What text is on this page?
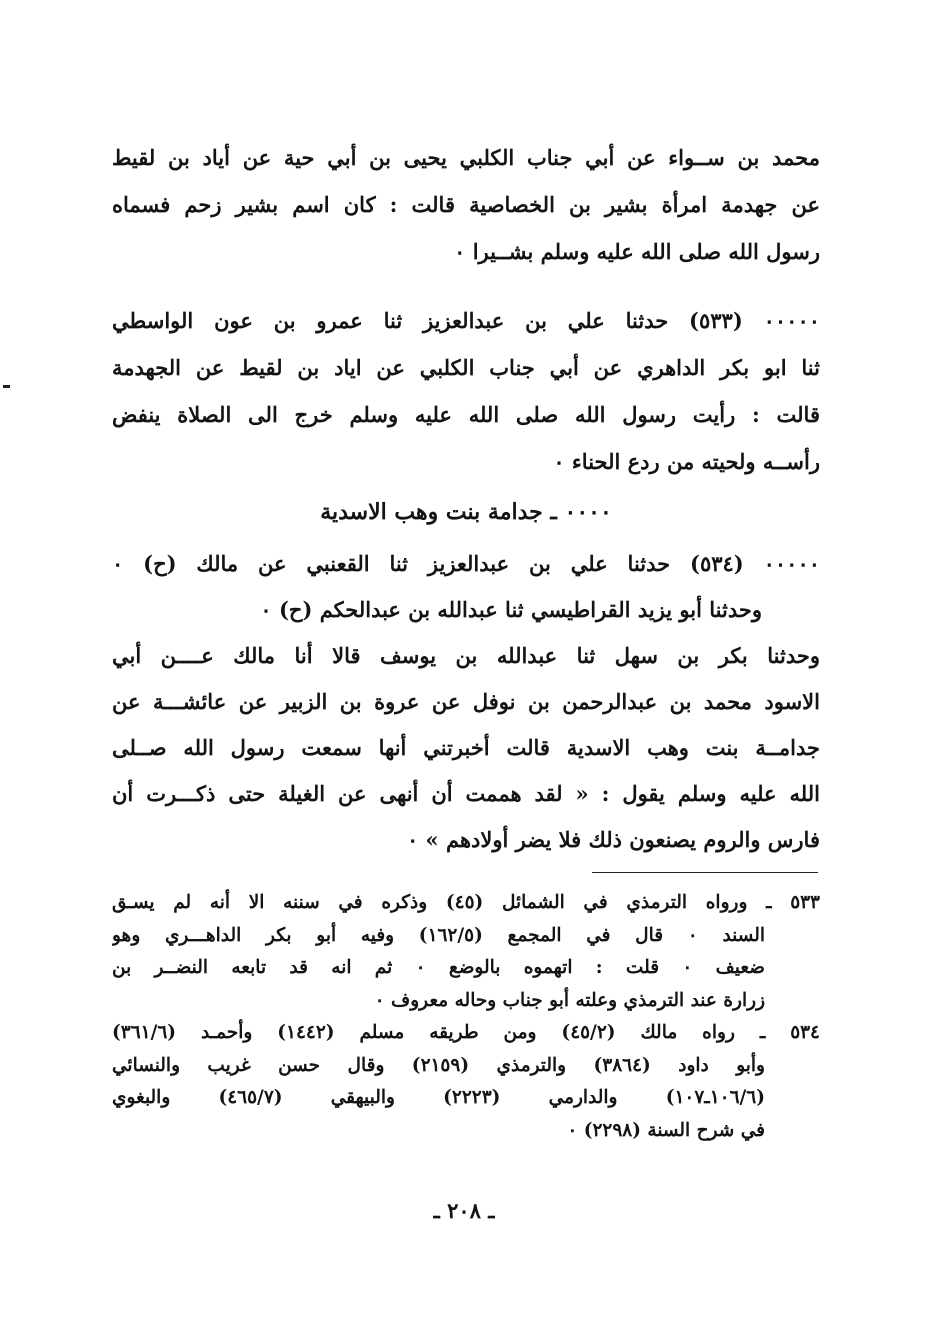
محمد بن ســواء عن أبي جناب الكلبي يحيى بن أبي حية عن أياد بن لقيط
عن جهدمة امرأة بشير بن الخصاصية قالت : كان اسم بشير زحم فسماه
رسول الله صلى الله عليه وسلم بشــيرا ٠
٠٠٠٠٠ (٥٣٣) حدثنا علي بن عبدالعزيز ثنا عمرو بن عون الواسطي
ثنا ابو بكر الداهري عن أبي جناب الكلبي عن اياد بن لقيط عن الجهدمة
قالت : رأيت رسول الله صلى الله عليه وسلم خرج الى الصلاة ينفض
رأســه ولحيته من ردع الحناء ٠
٠٠٠٠ ـ جدامة بنت وهب الاسدية
٠٠٠٠٠ (٥٣٤) حدثنا علي بن عبدالعزيز ثنا القعنبي عن مالك (ح) ٠
وحدثنا أبو يزيد القراطيسي ثنا عبدالله بن عبدالحكم (ح) ٠
وحدثنا بكر بن سهل ثنا عبدالله بن يوسف قالا أنا مالك عــــن أبي
الاسود محمد بن عبدالرحمن بن نوفل عن عروة بن الزبير عن عائشـــة عن
جدامــة بنت وهب الاسدية قالت أخبرتني أنها سمعت رسول الله صــلى
الله عليه وسلم يقول : « لقد هممت أن أنهى عن الغيلة حتى ذكـــرت أن
فارس والروم يصنعون ذلك فلا يضر أولادهم » ٠
٥٣٣ ـ ورواه الترمذي في الشمائل (٤٥) وذكره في سننه الا أنه لم يسـق
السند ٠ قال في المجمع (١٦٢/٥) وفيه أبو بكر الداهـــري وهو
ضعيف ٠ قلت : اتهموه بالوضع ٠ ثم انه قد تابعه النضــر بن
زرارة عند الترمذي وعلته أبو جناب وحاله معروف ٠
٥٣٤ ـ رواه مالك (٤٥/٢) ومن طريقه مسلم (١٤٤٢) وأحمـد (٣٦١/٦)
وأبو داود (٣٨٦٤) والترمذي (٢١٥٩) وقال حسن غريب والنسائي
(١٠٦/٦ـ١٠٧) والدارمي (٢٢٢٣) والبيهقي (٤٦٥/٧) والبغوي
في شرح السنة (٢٢٩٨) ٠
ـ ٢٠٨ ـ
